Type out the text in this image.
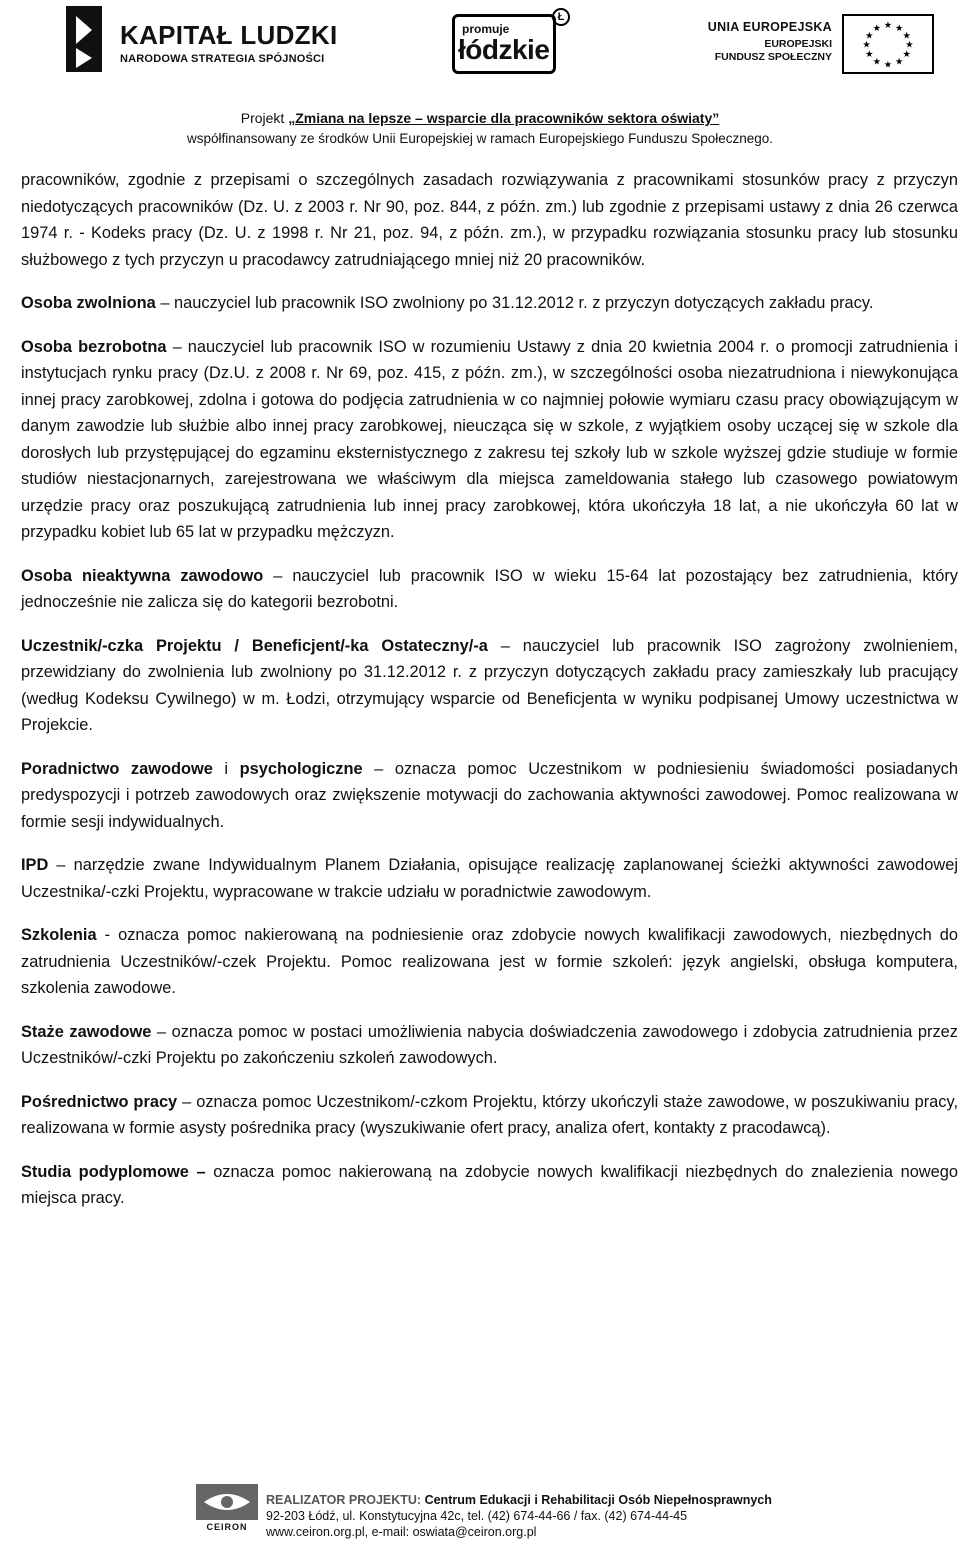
KAPITAŁ LUDZKI
NARODOWA STRATEGIA SPÓJNOŚCI
promuje
łódzkie
Ł
UNIA EUROPEJSKA
EUROPEJSKI
FUNDUSZ SPOŁECZNY
★ ★
★
★
★
★
★
★
★
★
★
★
Projekt „Zmiana na lepsze – wsparcie dla pracowników sektora oświaty”
współfinansowany ze środków Unii Europejskiej w ramach Europejskiego Funduszu Społecznego.

pracowników, zgodnie z przepisami o szczególnych zasadach rozwiązywania z pracownikami stosunków pracy z przyczyn niedotyczących pracowników (Dz. U. z 2003 r. Nr 90, poz. 844, z późn. zm.) lub zgodnie z przepisami ustawy z dnia 26 czerwca 1974 r. - Kodeks pracy (Dz. U. z 1998 r. Nr 21, poz. 94, z późn. zm.), w przypadku rozwiązania stosunku pracy lub stosunku służbowego z tych przyczyn u pracodawcy zatrudniającego mniej niż 20 pracowników.

Osoba zwolniona – nauczyciel lub pracownik ISO zwolniony po 31.12.2012 r. z przyczyn dotyczących zakładu pracy.

Osoba bezrobotna – nauczyciel lub pracownik ISO w rozumieniu Ustawy z dnia 20 kwietnia 2004 r. o promocji zatrudnienia i instytucjach rynku pracy (Dz.U. z 2008 r. Nr 69, poz. 415, z późn. zm.), w szczególności osoba niezatrudniona i niewykonująca innej pracy zarobkowej, zdolna i gotowa do podjęcia zatrudnienia w co najmniej połowie wymiaru czasu pracy obowiązującym w danym zawodzie lub służbie albo innej pracy zarobkowej, nieucząca się w szkole, z wyjątkiem osoby uczącej się w szkole dla dorosłych lub przystępującej do egzaminu eksternistycznego z zakresu tej szkoły lub w szkole wyższej gdzie studiuje w formie studiów niestacjonarnych, zarejestrowana we właściwym dla miejsca zameldowania stałego lub czasowego powiatowym urzędzie pracy oraz poszukującą zatrudnienia lub innej pracy zarobkowej, która ukończyła 18 lat, a nie ukończyła 60 lat w przypadku kobiet lub 65 lat w przypadku mężczyzn.

Osoba nieaktywna zawodowo – nauczyciel lub pracownik ISO w wieku 15-64 lat pozostający bez zatrudnienia, który jednocześnie nie zalicza się do kategorii bezrobotni.

Uczestnik/-czka Projektu / Beneficjent/-ka Ostateczny/-a – nauczyciel lub pracownik ISO zagrożony zwolnieniem, przewidziany do zwolnienia lub zwolniony po 31.12.2012 r. z przyczyn dotyczących zakładu pracy zamieszkały lub pracujący (według Kodeksu Cywilnego) w m. Łodzi, otrzymujący wsparcie od Beneficjenta w wyniku podpisanej Umowy uczestnictwa w Projekcie.

Poradnictwo zawodowe i psychologiczne – oznacza pomoc Uczestnikom w podniesieniu świadomości posiadanych predyspozycji i potrzeb zawodowych oraz zwiększenie motywacji do zachowania aktywności zawodowej. Pomoc realizowana w formie sesji indywidualnych.

IPD – narzędzie zwane Indywidualnym Planem Działania, opisujące realizację zaplanowanej ścieżki aktywności zawodowej Uczestnika/-czki Projektu, wypracowane w trakcie udziału w poradnictwie zawodowym.

Szkolenia - oznacza pomoc nakierowaną na podniesienie oraz zdobycie nowych kwalifikacji zawodowych, niezbędnych do zatrudnienia Uczestników/-czek Projektu. Pomoc realizowana jest w formie szkoleń: język angielski, obsługa komputera, szkolenia zawodowe.

Staże zawodowe – oznacza pomoc w postaci umożliwienia nabycia doświadczenia zawodowego i zdobycia zatrudnienia przez Uczestników/-czki Projektu po zakończeniu szkoleń zawodowych.

Pośrednictwo pracy – oznacza pomoc Uczestnikom/-czkom Projektu, którzy ukończyli staże zawodowe, w poszukiwaniu pracy, realizowana w formie asysty pośrednika pracy (wyszukiwanie ofert pracy, analiza ofert, kontakty z pracodawcą).

Studia podyplomowe – oznacza pomoc nakierowaną na zdobycie nowych kwalifikacji niezbędnych do znalezienia nowego miejsca pracy.

CEIRON
REALIZATOR PROJEKTU: Centrum Edukacji i Rehabilitacji Osób Niepełnosprawnych
92-203 Łódź, ul. Konstytucyjna 42c, tel. (42) 674-44-66 / fax. (42) 674-44-45
www.ceiron.org.pl, e-mail: oswiata@ceiron.org.pl
